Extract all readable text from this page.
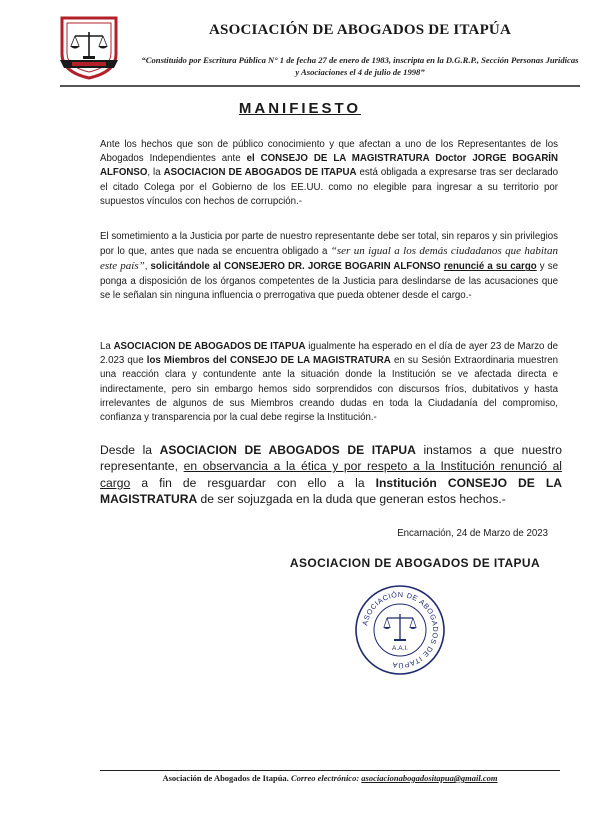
ASOCIACIÓN DE ABOGADOS DE ITAPÚA
“Constituido por Escritura Pública N° 1 de fecha 27 de enero de 1983, inscripta en la D.G.R.P., Sección Personas Jurídicas y Asociaciones el 4 de julio de 1998”
MANIFIESTO
Ante los hechos que son de público conocimiento y que afectan a uno de los Representantes de los Abogados Independientes ante el CONSEJO DE LA MAGISTRATURA Doctor JORGE BOGARÍN ALFONSO, la ASOCIACION DE ABOGADOS DE ITAPUA está obligada a expresarse tras ser declarado el citado Colega por el Gobierno de los EE.UU. como no elegible para ingresar a su territorio por supuestos vínculos con hechos de corrupción.-
El sometimiento a la Justicia por parte de nuestro representante debe ser total, sin reparos y sin privilegios por lo que, antes que nada se encuentra obligado a “ser un igual a los demás ciudadanos que habitan este país”, solicitándole al CONSEJERO DR. JORGE BOGARIN ALFONSO renuncié a su cargo y se ponga a disposición de los órganos competentes de la Justicia para deslindarse de las acusaciones que se le señalan sin ninguna influencia o prerrogativa que pueda obtener desde el cargo.-
La ASOCIACION DE ABOGADOS DE ITAPUA igualmente ha esperado en el día de ayer 23 de Marzo de 2.023 que los Miembros del CONSEJO DE LA MAGISTRATURA en su Sesión Extraordinaria muestren una reacción clara y contundente ante la situación donde la Institución se ve afectada directa e indirectamente, pero sin embargo hemos sido sorprendidos con discursos fríos, dubitativos y hasta irrelevantes de algunos de sus Miembros creando dudas en toda la Ciudadanía del compromiso, confianza y transparencia por la cual debe regirse la Institución.-
Desde la ASOCIACION DE ABOGADOS DE ITAPUA instamos a que nuestro representante, en observancia a la ética y por respeto a la Institución renunció al cargo a fin de resguardar con ello a la Institución CONSEJO DE LA MAGISTRATURA de ser sojuzgada en la duda que generan estos hechos.-
Encarnación, 24 de Marzo de 2023
ASOCIACION DE ABOGADOS DE ITAPUA
ASOCIACIÓN DE ABOGADOS DE ITAPÚA
A.A.I.
Asociación de Abogados de Itapúa. Correo electrónico: asociacionabogadositapua@gmail.com
